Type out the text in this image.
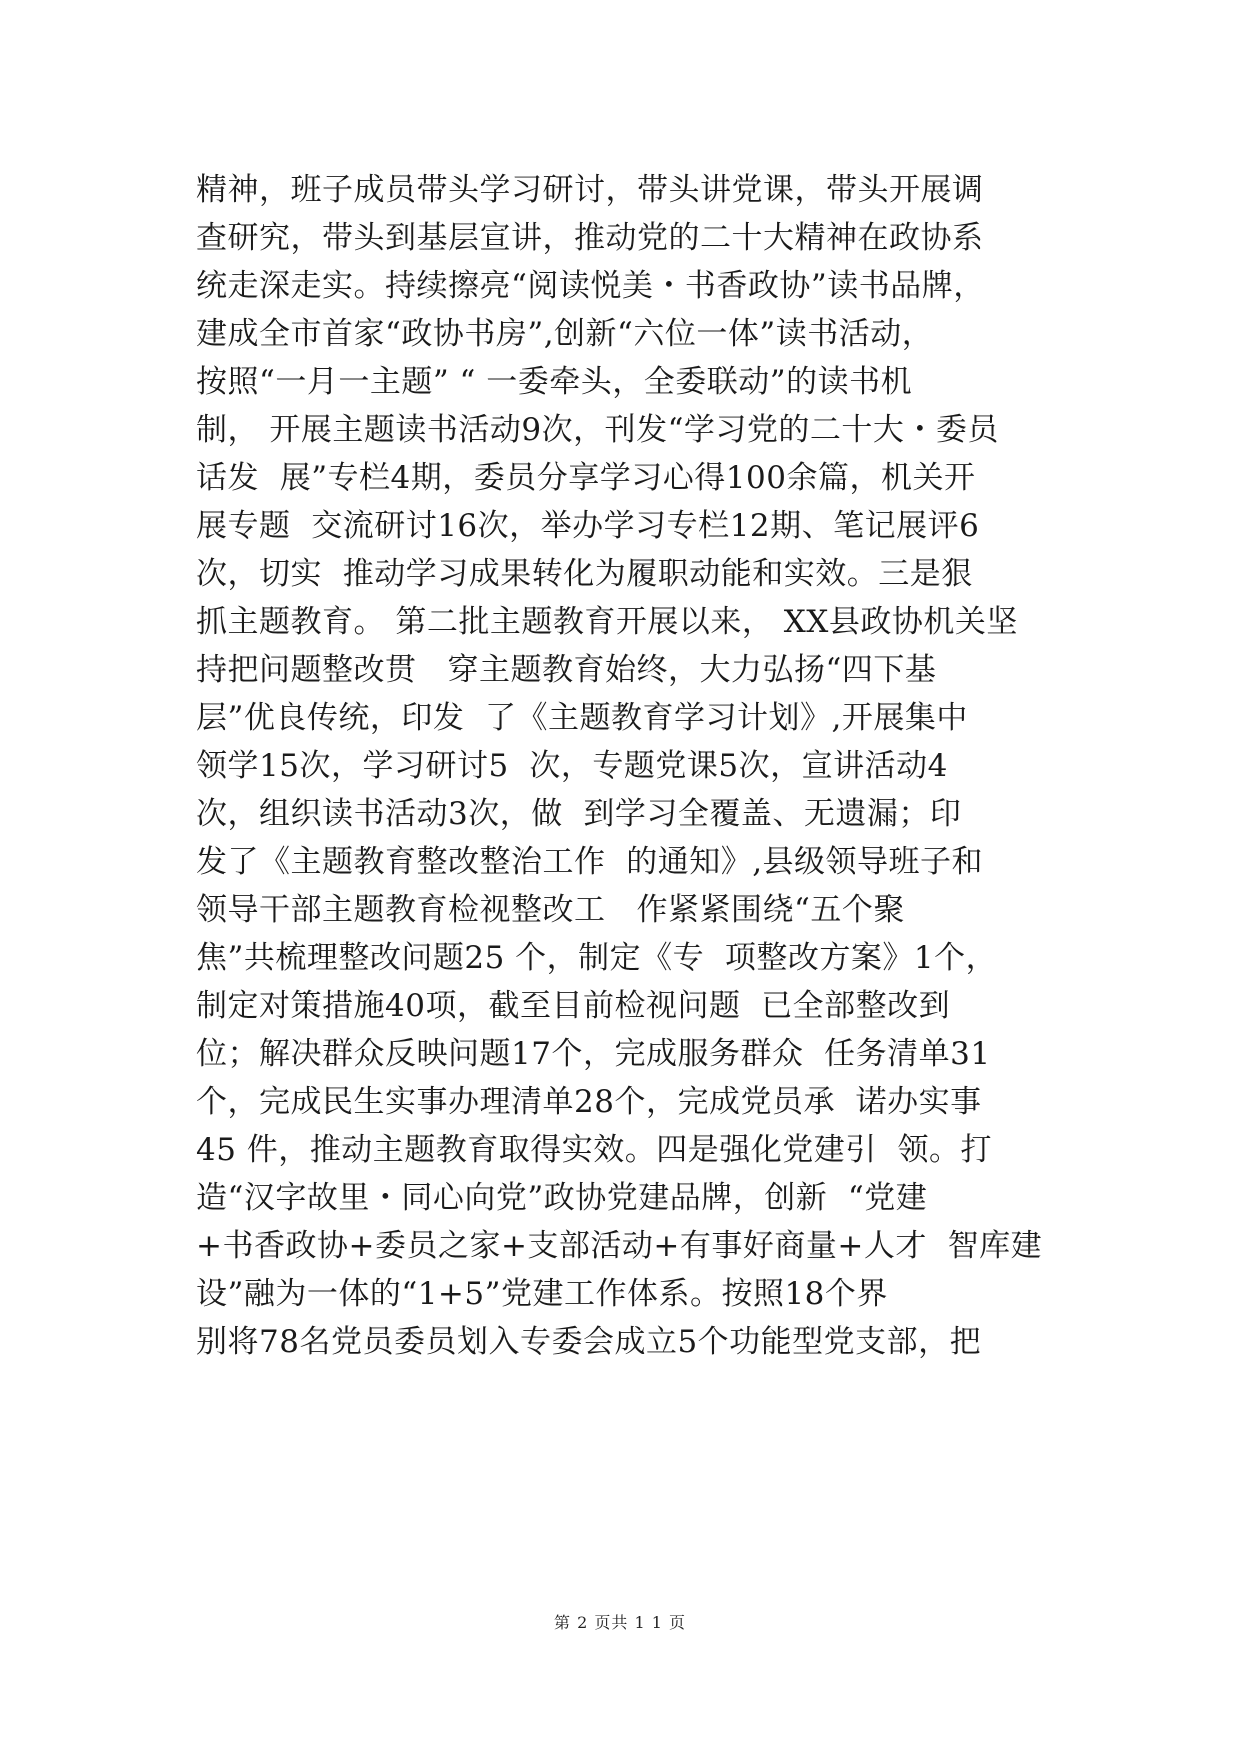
精神，班子成员带头学习研讨，带头讲党课，带头开展调
查研究，带头到基层宣讲，推动党的二十大精神在政协系
统走深走实。持续擦亮“阅读悦美・书香政协”读书品牌，
建成全市首家“政协书房”,创新“六位一体”读书活动，
按照“一月一主题” “ 一委牵头，全委联动”的读书机
制， 开展主题读书活动9次，刊发“学习党的二十大・委员
话发  展”专栏4期，委员分享学习心得100余篇，机关开
展专题  交流研讨16次，举办学习专栏12期、笔记展评6
次，切实  推动学习成果转化为履职动能和实效。三是狠
抓主题教育。 第二批主题教育开展以来， XX县政协机关坚
持把问题整改贯   穿主题教育始终，大力弘扬“四下基
层”优良传统，印发  了《主题教育学习计划》,开展集中
领学15次，学习研讨5  次，专题党课5次，宣讲活动4
次，组织读书活动3次，做  到学习全覆盖、无遗漏；印
发了《主题教育整改整治工作  的通知》,县级领导班子和
领导干部主题教育检视整改工   作紧紧围绕“五个聚
焦”共梳理整改问题25 个，制定《专  项整改方案》1个，
制定对策措施40项，截至目前检视问题  已全部整改到
位；解决群众反映问题17个，完成服务群众  任务清单31
个，完成民生实事办理清单28个，完成党员承  诺办实事
45 件，推动主题教育取得实效。四是强化党建引  领。打
造“汉字故里・同心向党”政协党建品牌，创新  “党建
+书香政协+委员之家+支部活动+有事好商量+人才  智库建
设”融为一体的“1+5”党建工作体系。按照18个界
别将78名党员委员划入专委会成立5个功能型党支部，把
第 2 页共 1 1 页
